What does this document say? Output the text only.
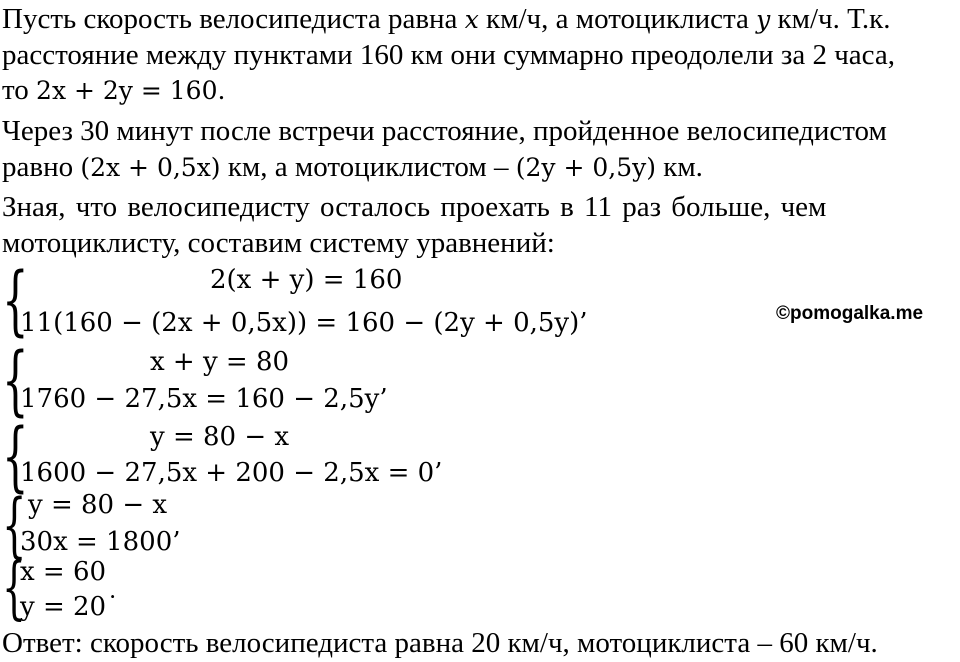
Пусть скорость велосипедиста равна x км/ч, а мотоциклиста y км/ч. Т.к.
расстояние между пунктами 160 км они суммарно преодолели за 2 часа,
то 2x + 2y = 160.
Через 30 минут после встречи расстояние, пройденное велосипедистом
равно (2x + 0,5x) км, а мотоциклистом – (2y + 0,5y) км.
Зная, что велосипедисту осталось проехать в 11 раз больше, чем
мотоциклисту, составим систему уравнений:
{	2(x + y) = 160
11(160 − (2x + 0,5x)) = 160 − (2y + 0,5y)’	©pomogalka.me
{	x + y = 80
1760 − 27,5x = 160 − 2,5y’
{	y = 80 − x
1600 − 27,5x + 200 − 2,5x = 0’
{ y = 80 − x
30x = 1800’
{
x = 60
y = 20˙
Ответ: скорость велосипедиста равна 20 км/ч, мотоциклиста – 60 км/ч.
